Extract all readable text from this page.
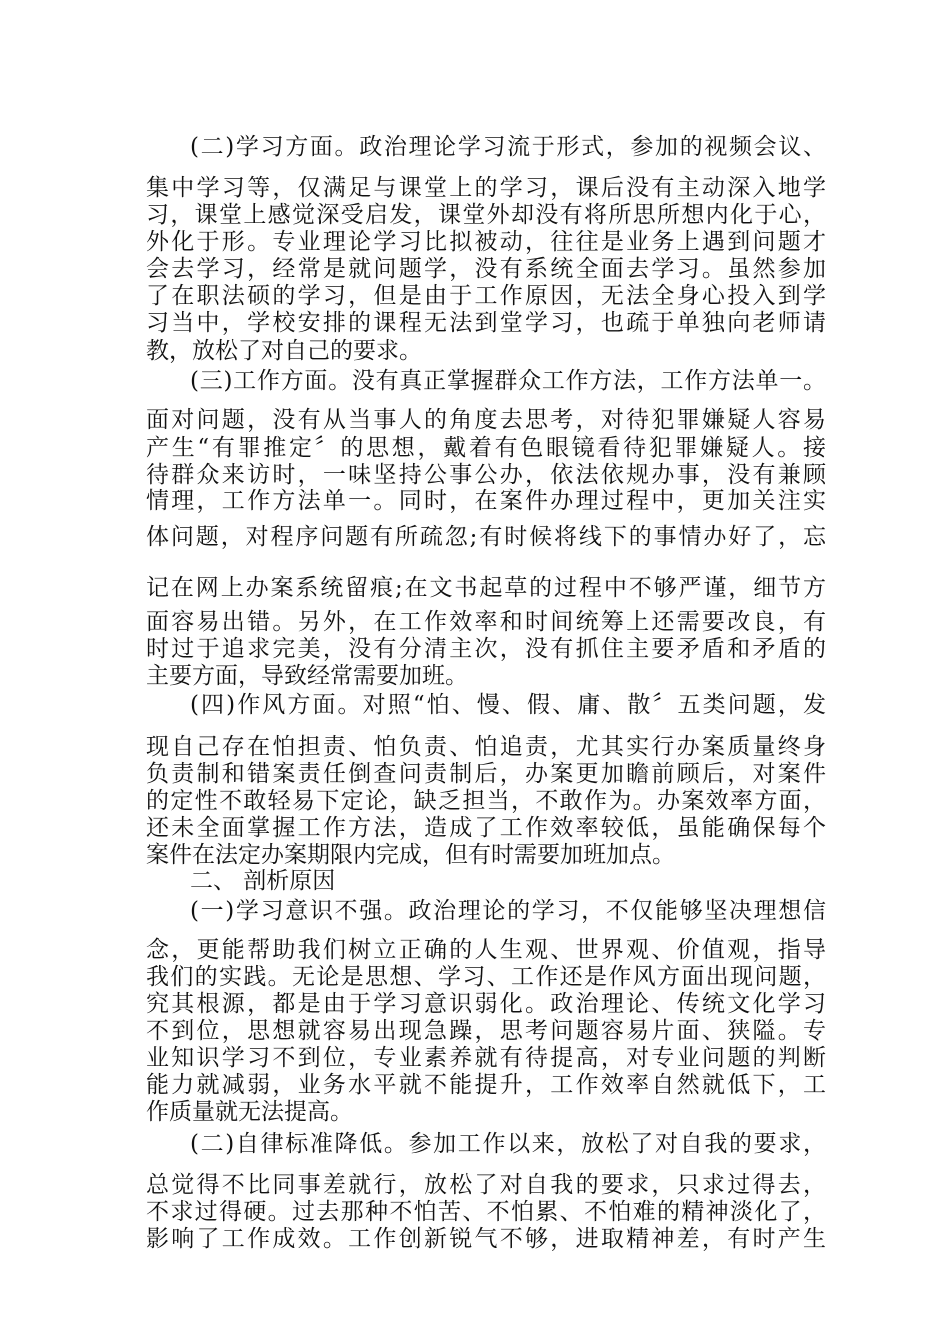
(二)学习方面。政治理论学习流于形式，参加的视频会议、
集中学习等，仅满足与课堂上的学习，课后没有主动深入地学
习，课堂上感觉深受启发，课堂外却没有将所思所想内化于心，
外化于形。专业理论学习比拟被动，往往是业务上遇到问题才
会去学习，经常是就问题学，没有系统全面去学习。虽然参加
了在职法硕的学习，但是由于工作原因，无法全身心投入到学
习当中，学校安排的课程无法到堂学习，也疏于单独向老师请
教，放松了对自己的要求。
(三)工作方面。没有真正掌握群众工作方法，工作方法单一。
面对问题，没有从当事人的角度去思考，对待犯罪嫌疑人容易
产生“有罪推定〞的思想，戴着有色眼镜看待犯罪嫌疑人。接
待群众来访时，一味坚持公事公办，依法依规办事，没有兼顾
情理，工作方法单一。同时，在案件办理过程中，更加关注实
体问题，对程序问题有所疏忽;有时候将线下的事情办好了，忘
记在网上办案系统留痕;在文书起草的过程中不够严谨，细节方
面容易出错。另外，在工作效率和时间统筹上还需要改良，有
时过于追求完美，没有分清主次，没有抓住主要矛盾和矛盾的
主要方面，导致经常需要加班。
(四)作风方面。对照“怕、慢、假、庸、散〞五类问题，发
现自己存在怕担责、怕负责、怕追责，尤其实行办案质量终身
负责制和错案责任倒查问责制后，办案更加瞻前顾后，对案件
的定性不敢轻易下定论，缺乏担当，不敢作为。办案效率方面，
还未全面掌握工作方法，造成了工作效率较低，虽能确保每个
案件在法定办案期限内完成，但有时需要加班加点。
二、 剖析原因
(一)学习意识不强。政治理论的学习，不仅能够坚决理想信
念，更能帮助我们树立正确的人生观、世界观、价值观，指导
我们的实践。无论是思想、学习、工作还是作风方面出现问题，
究其根源，都是由于学习意识弱化。政治理论、传统文化学习
不到位，思想就容易出现急躁，思考问题容易片面、狭隘。专
业知识学习不到位，专业素养就有待提高，对专业问题的判断
能力就减弱，业务水平就不能提升，工作效率自然就低下，工
作质量就无法提高。
(二)自律标准降低。参加工作以来，放松了对自我的要求，
总觉得不比同事差就行，放松了对自我的要求，只求过得去，
不求过得硬。过去那种不怕苦、不怕累、不怕难的精神淡化了，
影响了工作成效。工作创新锐气不够，进取精神差，有时产生
